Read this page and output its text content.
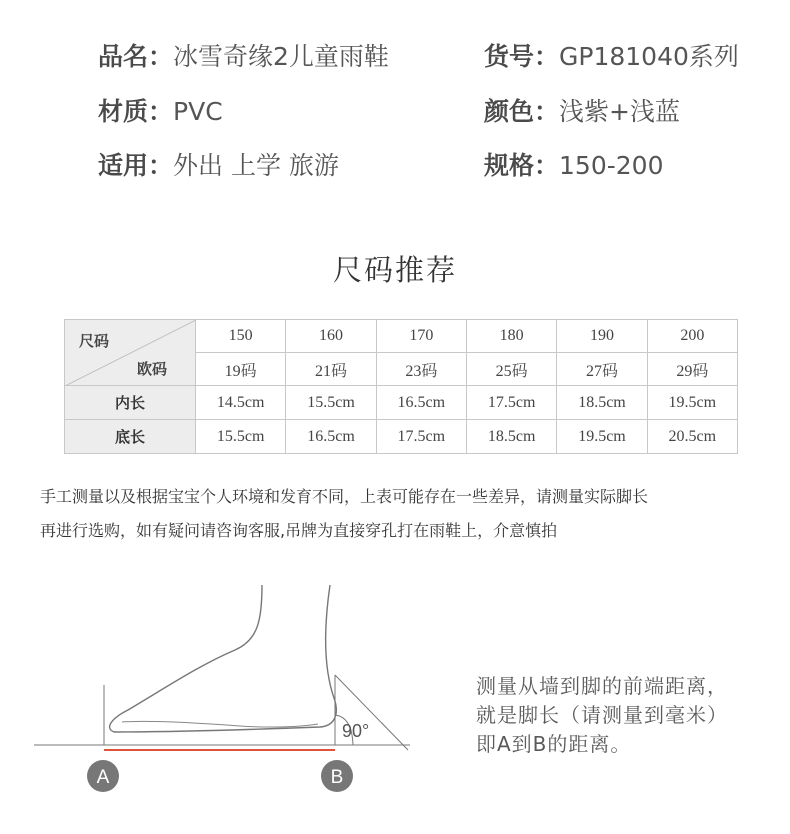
品名：冰雪奇缘2儿童雨鞋	货号：GP181040系列
材质：PVC	颜色：浅紫+浅蓝
适用：外出 上学 旅游	规格：150-200
尺码推荐
尺码
欧码	150	160	170	180	190	200
	19码	21码	23码	25码	27码	29码
内长	14.5cm	15.5cm	16.5cm	17.5cm	18.5cm	19.5cm
底长	15.5cm	16.5cm	17.5cm	18.5cm	19.5cm	20.5cm
手工测量以及根据宝宝个人环境和发育不同，上表可能存在一些差异，请测量实际脚长
再进行选购，如有疑问请咨询客服,吊牌为直接穿孔打在雨鞋上，介意慎拍
90°
A	B
测量从墙到脚的前端距离，
就是脚长（请测量到毫米）
即A到B的距离。
